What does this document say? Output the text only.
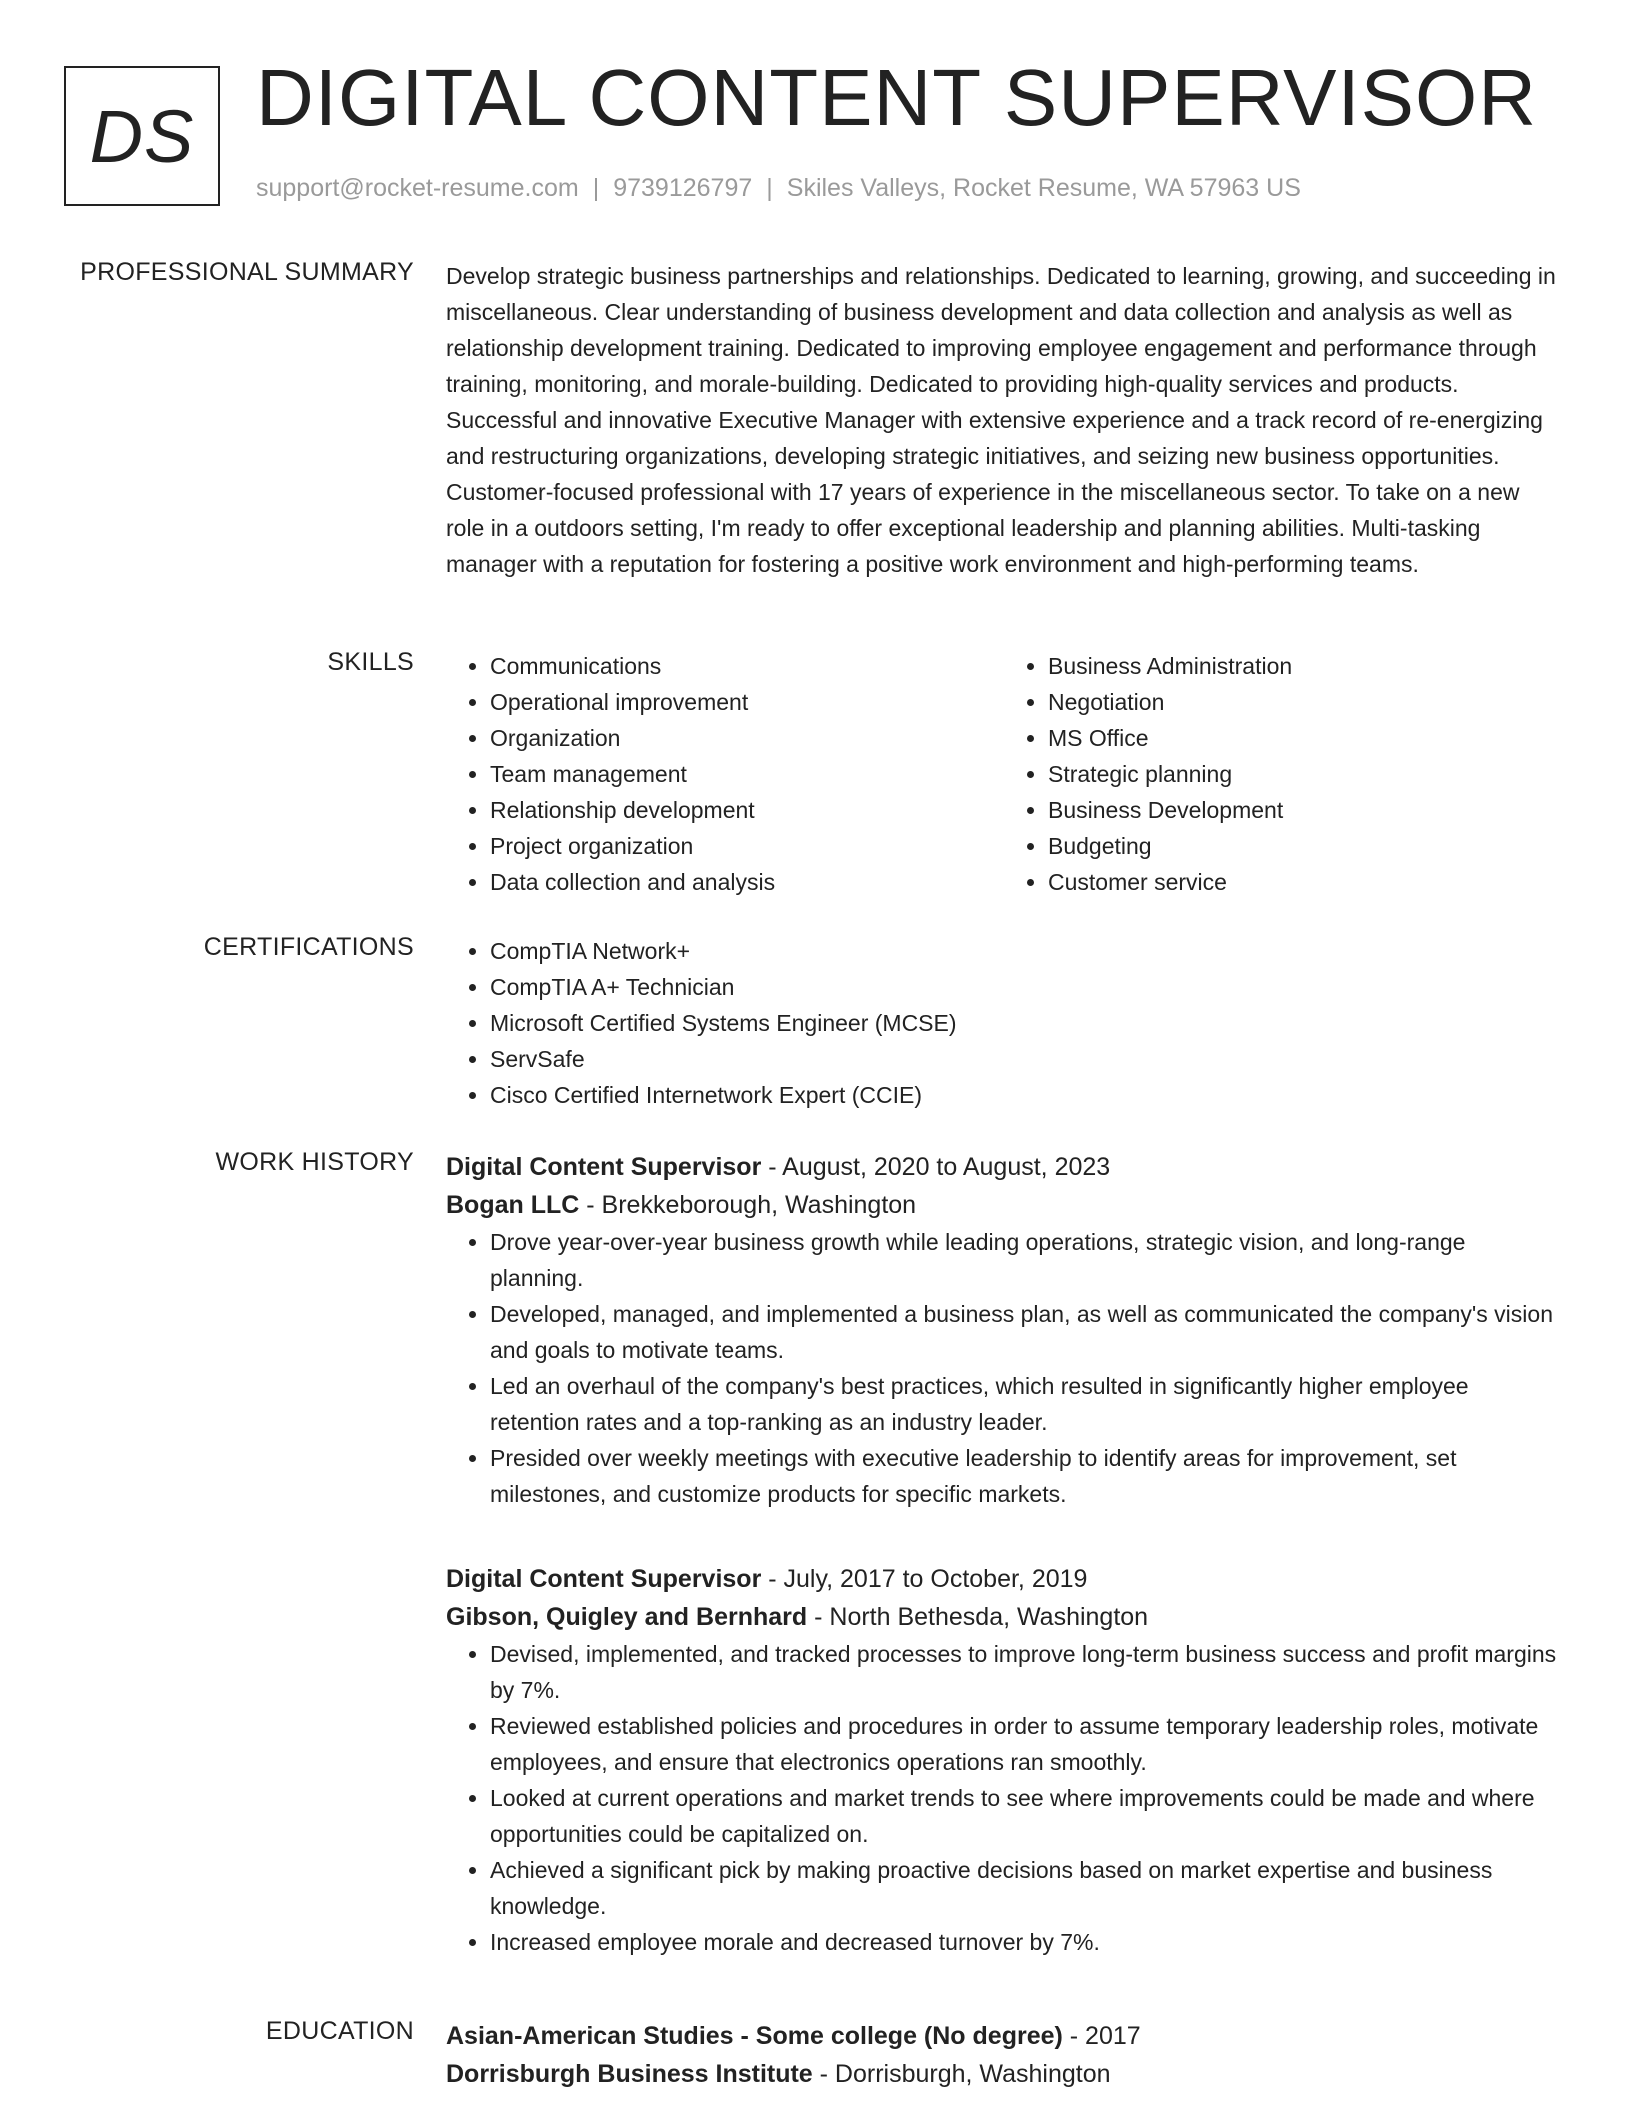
DS DIGITAL CONTENT SUPERVISOR
support@rocket-resume.com | 9739126797 | Skiles Valleys, Rocket Resume, WA 57963 US
PROFESSIONAL SUMMARY Develop strategic business partnerships and relationships. Dedicated to learning, growing, and succeeding in miscellaneous. Clear understanding of business development and data collection and analysis as well as relationship development training. Dedicated to improving employee engagement and performance through training, monitoring, and morale-building. Dedicated to providing high-quality services and products. Successful and innovative Executive Manager with extensive experience and a track record of re-energizing and restructuring organizations, developing strategic initiatives, and seizing new business opportunities. Customer-focused professional with 17 years of experience in the miscellaneous sector. To take on a new role in a outdoors setting, I'm ready to offer exceptional leadership and planning abilities. Multi-tasking manager with a reputation for fostering a positive work environment and high-performing teams.

SKILLS	• Communications
• Operational improvement
• Organization
• Team management
• Relationship development
• Project organization
• Data collection and analysis
• Business Administration
• Negotiation
• MS Office
• Strategic planning
• Business Development
• Budgeting
• Customer service
CERTIFICATIONS	• CompTIA Network+
• CompTIA A+ Technician
• Microsoft Certified Systems Engineer (MCSE)
• ServSafe
• Cisco Certified Internetwork Expert (CCIE)
WORK HISTORY Digital Content Supervisor - August, 2020 to August, 2023
Bogan LLC - Brekkeborough, Washington
• Drove year-over-year business growth while leading operations, strategic vision, and long-range planning.
• Developed, managed, and implemented a business plan, as well as communicated the company's vision and goals to motivate teams.
• Led an overhaul of the company's best practices, which resulted in significantly higher employee retention rates and a top-ranking as an industry leader.
• Presided over weekly meetings with executive leadership to identify areas for improvement, set milestones, and customize products for specific markets.
Digital Content Supervisor - July, 2017 to October, 2019
Gibson, Quigley and Bernhard - North Bethesda, Washington
• Devised, implemented, and tracked processes to improve long-term business success and profit margins by 7%.
• Reviewed established policies and procedures in order to assume temporary leadership roles, motivate employees, and ensure that electronics operations ran smoothly.
• Looked at current operations and market trends to see where improvements could be made and where opportunities could be capitalized on.
• Achieved a significant pick by making proactive decisions based on market expertise and business knowledge.
• Increased employee morale and decreased turnover by 7%.
EDUCATION Asian-American Studies - Some college (No degree) - 2017
Dorrisburgh Business Institute - Dorrisburgh, Washington
